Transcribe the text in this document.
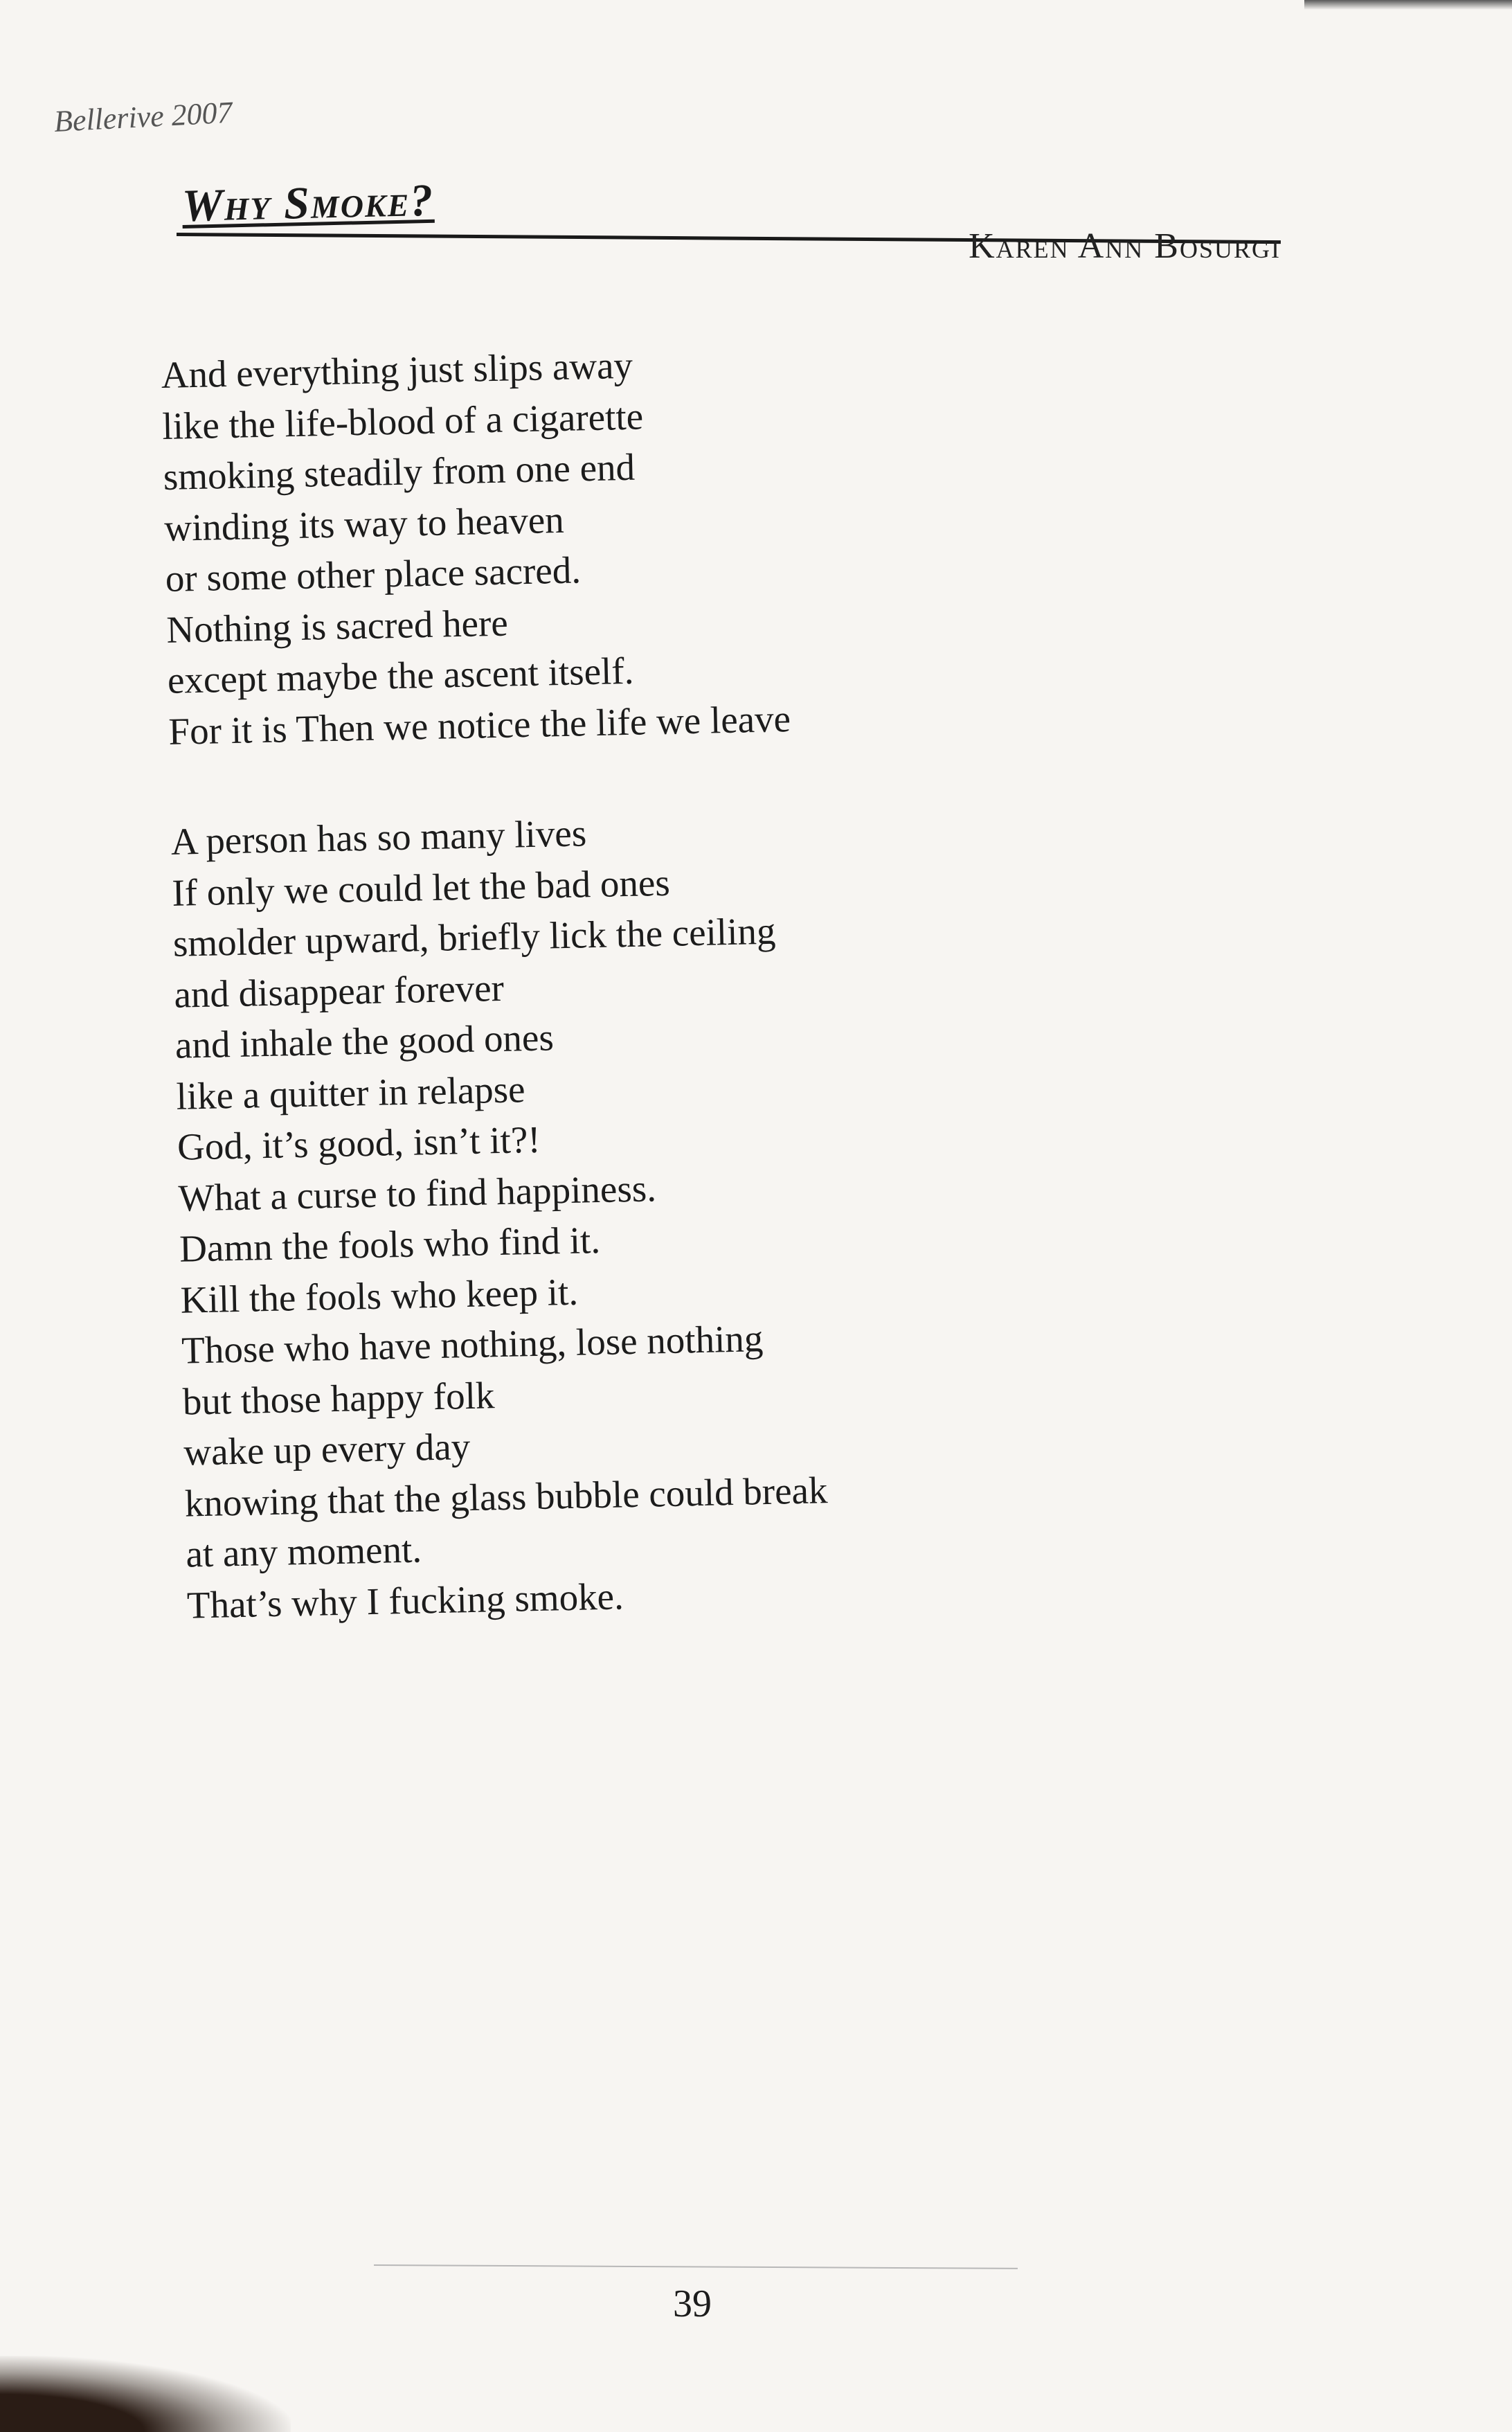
Bellerive 2007
Why Smoke?
Karen Ann Bosurgi
And everything just slips away
like the life-blood of a cigarette
smoking steadily from one end
winding its way to heaven
or some other place sacred.
Nothing is sacred here
except maybe the ascent itself.
For it is Then we notice the life we leave
A person has so many lives
If only we could let the bad ones
smolder upward, briefly lick the ceiling
and disappear forever
and inhale the good ones
like a quitter in relapse
God, it’s good, isn’t it?!
What a curse to find happiness.
Damn the fools who find it.
Kill the fools who keep it.
Those who have nothing, lose nothing
but those happy folk
wake up every day
knowing that the glass bubble could break
at any moment.
That’s why I fucking smoke.
39
